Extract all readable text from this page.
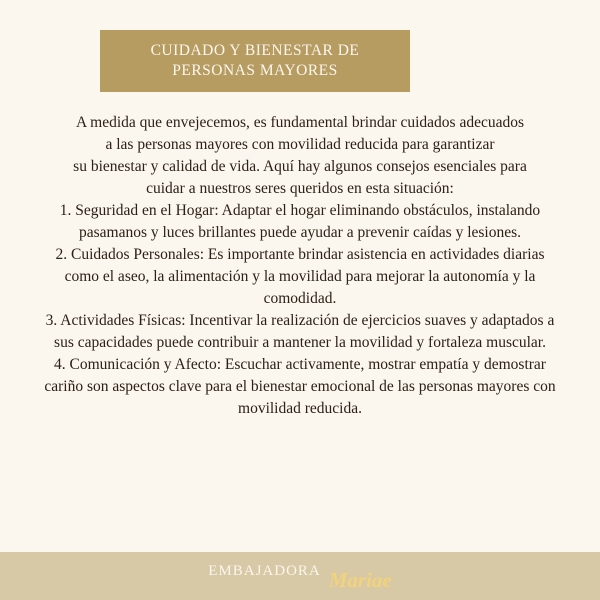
CUIDADO Y BIENESTAR DE
PERSONAS MAYORES

A medida que envejecemos, es fundamental brindar cuidados adecuados
a las personas mayores con movilidad reducida para garantizar
su bienestar y calidad de vida. Aquí hay algunos consejos esenciales para
cuidar a nuestros seres queridos en esta situación:

1. Seguridad en el Hogar: Adaptar el hogar eliminando obstáculos, instalando
pasamanos y luces brillantes puede ayudar a prevenir caídas y lesiones.

2. Cuidados Personales: Es importante brindar asistencia en actividades diarias
como el aseo, la alimentación y la movilidad para mejorar la autonomía y la
comodidad.

3. Actividades Físicas: Incentivar la realización de ejercicios suaves y adaptados a
sus capacidades puede contribuir a mantener la movilidad y fortaleza muscular.

4. Comunicación y Afecto: Escuchar activamente, mostrar empatía y demostrar
cariño son aspectos clave para el bienestar emocional de las personas mayores con
movilidad reducida.

EMBAJADORA Mariae
